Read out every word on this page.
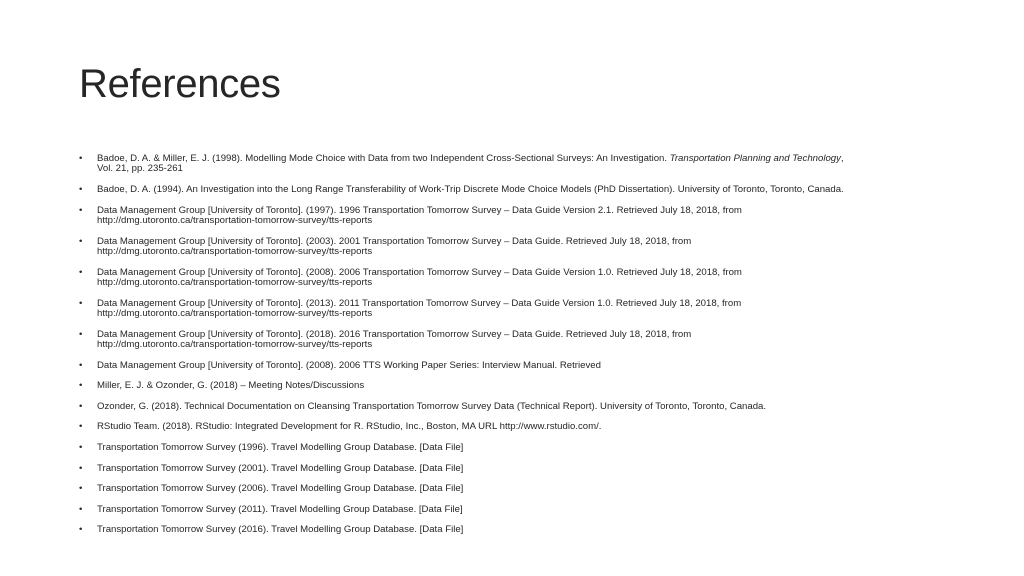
References
• Badoe, D. A. & Miller, E. J. (1998). Modelling Mode Choice with Data from two Independent Cross-Sectional Surveys: An Investigation. Transportation Planning and Technology,
Vol. 21, pp. 235-261
• Badoe, D. A. (1994). An Investigation into the Long Range Transferability of Work-Trip Discrete Mode Choice Models (PhD Dissertation). University of Toronto, Toronto, Canada.
• Data Management Group [University of Toronto]. (1997). 1996 Transportation Tomorrow Survey – Data Guide Version 2.1. Retrieved July 18, 2018, from
http://dmg.utoronto.ca/transportation-tomorrow-survey/tts-reports
• Data Management Group [University of Toronto]. (2003). 2001 Transportation Tomorrow Survey – Data Guide. Retrieved July 18, 2018, from
http://dmg.utoronto.ca/transportation-tomorrow-survey/tts-reports
• Data Management Group [University of Toronto]. (2008). 2006 Transportation Tomorrow Survey – Data Guide Version 1.0. Retrieved July 18, 2018, from
http://dmg.utoronto.ca/transportation-tomorrow-survey/tts-reports
• Data Management Group [University of Toronto]. (2013). 2011 Transportation Tomorrow Survey – Data Guide Version 1.0. Retrieved July 18, 2018, from
http://dmg.utoronto.ca/transportation-tomorrow-survey/tts-reports
• Data Management Group [University of Toronto]. (2018). 2016 Transportation Tomorrow Survey – Data Guide. Retrieved July 18, 2018, from
http://dmg.utoronto.ca/transportation-tomorrow-survey/tts-reports
• Data Management Group [University of Toronto]. (2008). 2006 TTS Working Paper Series: Interview Manual. Retrieved
• Miller, E. J. & Ozonder, G. (2018) – Meeting Notes/Discussions
• Ozonder, G. (2018). Technical Documentation on Cleansing Transportation Tomorrow Survey Data (Technical Report). University of Toronto, Toronto, Canada.
• RStudio Team. (2018). RStudio: Integrated Development for R. RStudio, Inc., Boston, MA URL http://www.rstudio.com/.
• Transportation Tomorrow Survey (1996). Travel Modelling Group Database. [Data File]
• Transportation Tomorrow Survey (2001). Travel Modelling Group Database. [Data File]
• Transportation Tomorrow Survey (2006). Travel Modelling Group Database. [Data File]
• Transportation Tomorrow Survey (2011). Travel Modelling Group Database. [Data File]
• Transportation Tomorrow Survey (2016). Travel Modelling Group Database. [Data File]
